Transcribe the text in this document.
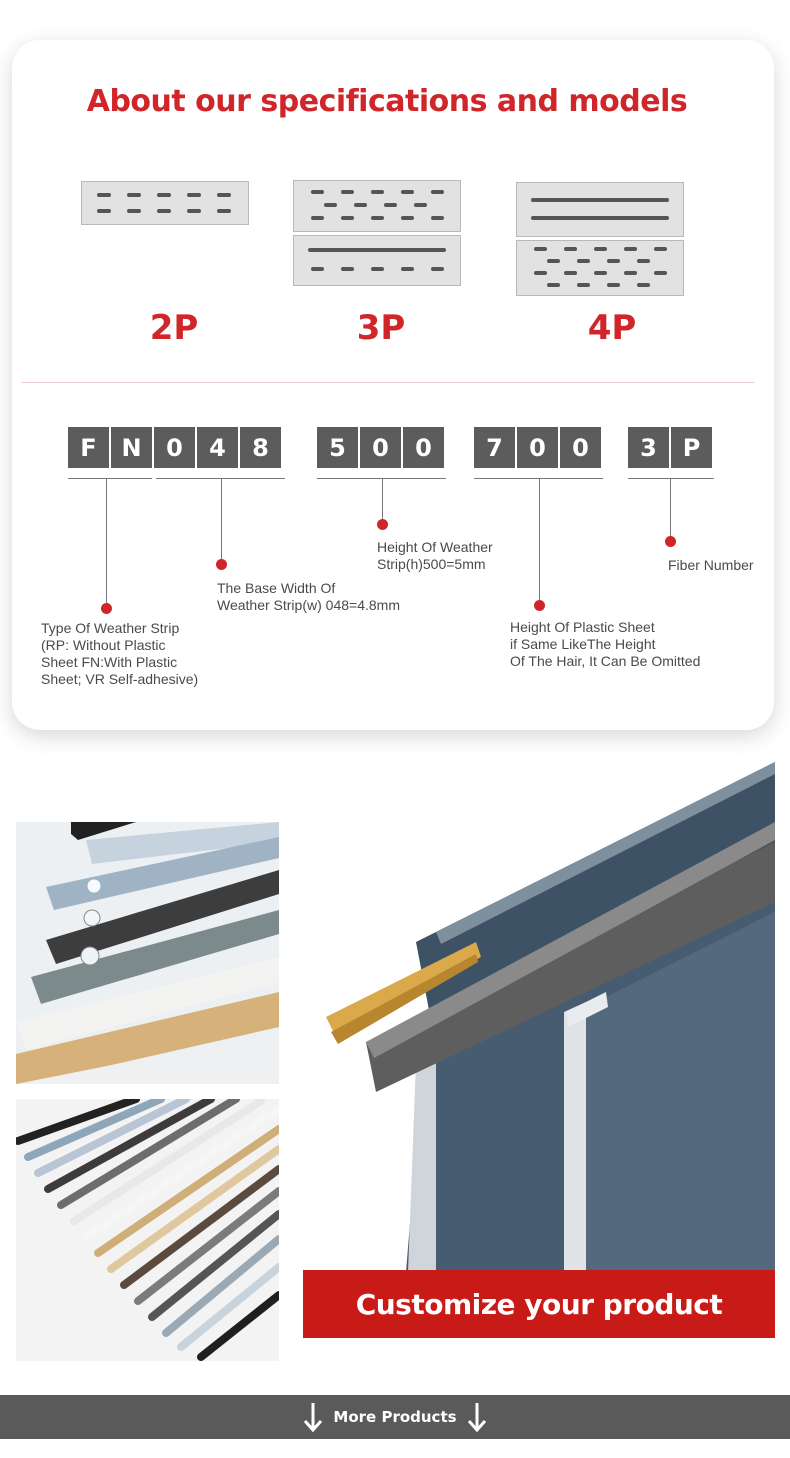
About our specifications and models
2P	3P	4P
F	N	0	4	8	5	0	0	7	0	0	3	P
Type Of Weather Strip
(RP: Without Plastic
Sheet FN:With Plastic
Sheet; VR Self-adhesive)
The Base Width Of
Weather Strip(w) 048=4.8mm
Height Of Weather
Strip(h)500=5mm
Height Of Plastic Sheet
if Same LikeThe Height
Of The Hair, It Can Be Omitted
Fiber Number
Customize your product
More Products
